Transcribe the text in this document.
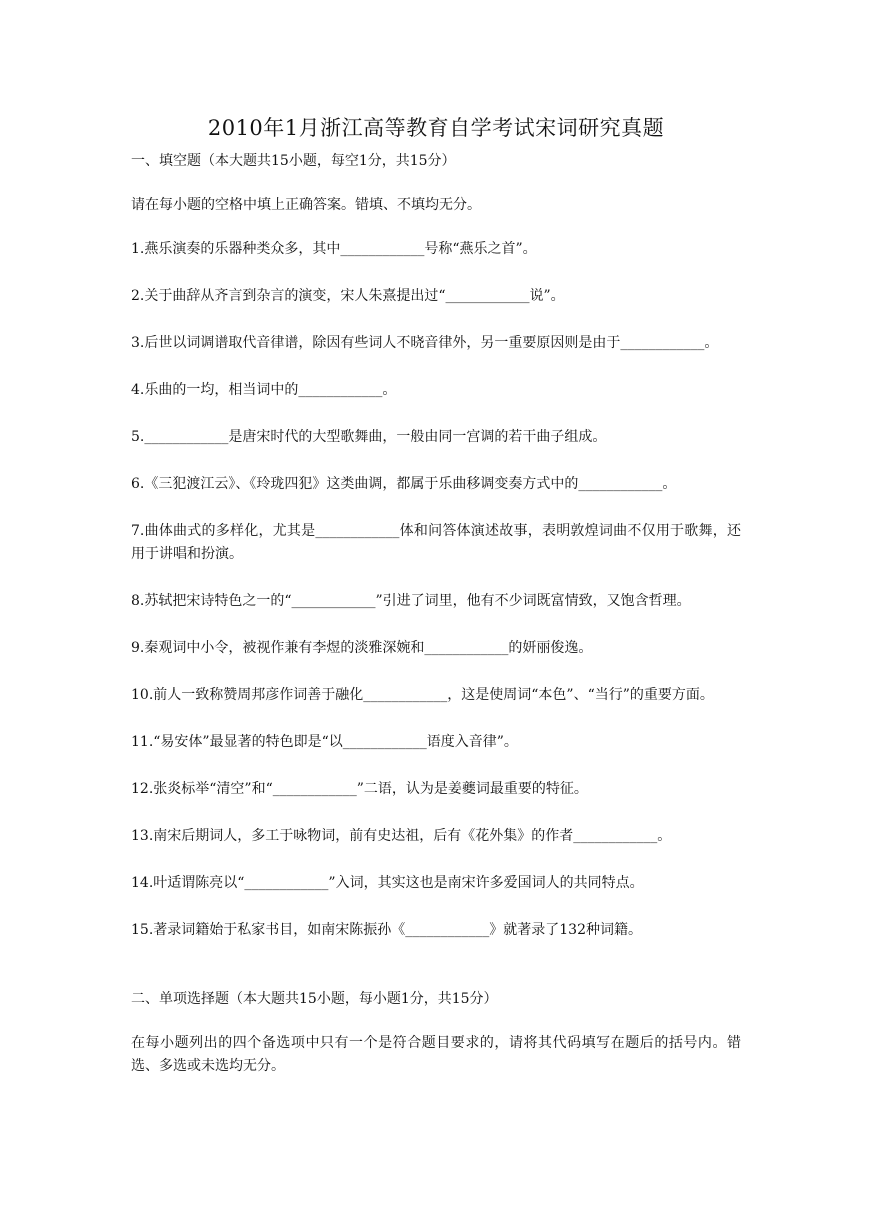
2010年1月浙江高等教育自学考试宋词研究真题
一、填空题（本大题共15小题，每空1分，共15分）
请在每小题的空格中填上正确答案。错填、不填均无分。
1.燕乐演奏的乐器种类众多，其中____________号称“燕乐之首”。
2.关于曲辞从齐言到杂言的演变，宋人朱熹提出过“____________说”。
3.后世以词调谱取代音律谱，除因有些词人不晓音律外，另一重要原因则是由于____________。
4.乐曲的一均，相当词中的____________。
5.____________是唐宋时代的大型歌舞曲，一般由同一宫调的若干曲子组成。
6.《三犯渡江云》、《玲珑四犯》这类曲调，都属于乐曲移调变奏方式中的____________。
7.曲体曲式的多样化，尤其是____________体和问答体演述故事，表明敦煌词曲不仅用于歌舞，还用于讲唱和扮演。
8.苏轼把宋诗特色之一的“____________”引进了词里，他有不少词既富情致，又饱含哲理。
9.秦观词中小令，被视作兼有李煜的淡雅深婉和____________的妍丽俊逸。
10.前人一致称赞周邦彦作词善于融化____________，这是使周词“本色”、“当行”的重要方面。
11.“易安体”最显著的特色即是“以____________语度入音律”。
12.张炎标举“清空”和“____________”二语，认为是姜夔词最重要的特征。
13.南宋后期词人，多工于咏物词，前有史达祖，后有《花外集》的作者____________。
14.叶适谓陈亮以“____________”入词，其实这也是南宋许多爱国词人的共同特点。
15.著录词籍始于私家书目，如南宋陈振孙《____________》就著录了132种词籍。
二、单项选择题（本大题共15小题，每小题1分，共15分）
在每小题列出的四个备选项中只有一个是符合题目要求的，请将其代码填写在题后的括号内。错选、多选或未选均无分。
